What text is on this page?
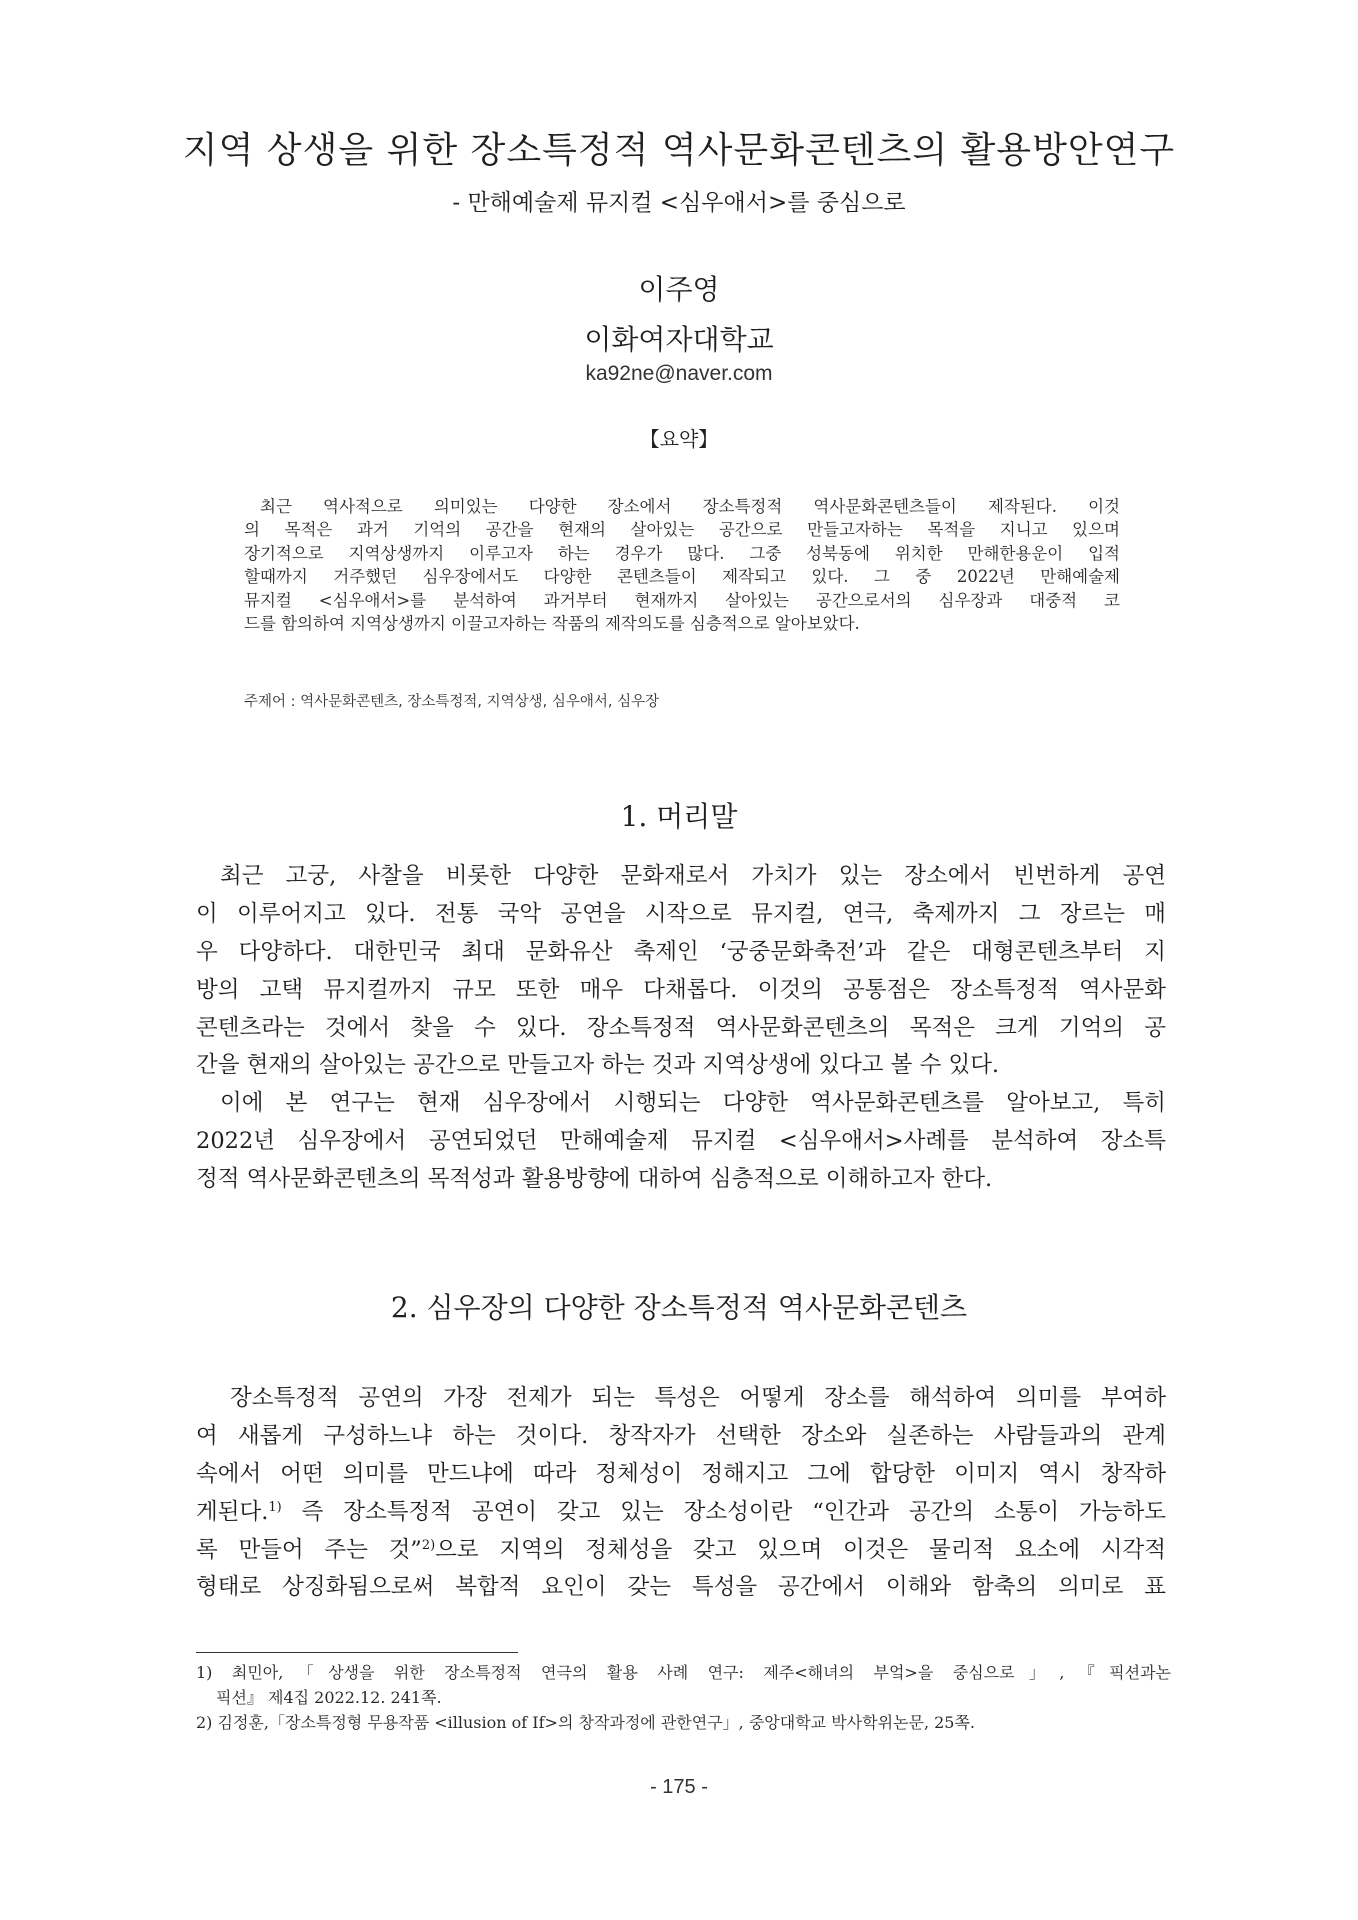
지역 상생을 위한 장소특정적 역사문화콘텐츠의 활용방안연구
- 만해예술제 뮤지컬 <심우애서>를 중심으로
이주영
이화여자대학교
ka92ne@naver.com
【요약】
최근 역사적으로 의미있는 다양한 장소에서 장소특정적 역사문화콘텐츠들이 제작된다. 이것
의 목적은 과거 기억의 공간을 현재의 살아있는 공간으로 만들고자하는 목적을 지니고 있으며
장기적으로 지역상생까지 이루고자 하는 경우가 많다. 그중 성북동에 위치한 만해한용운이 입적
할때까지 거주했던 심우장에서도 다양한 콘텐츠들이 제작되고 있다. 그 중 2022년 만해예술제
뮤지컬 <심우애서>를 분석하여 과거부터 현재까지 살아있는 공간으로서의 심우장과 대중적 코
드를 함의하여 지역상생까지 이끌고자하는 작품의 제작의도를 심층적으로 알아보았다.
주제어 : 역사문화콘텐츠, 장소특정적, 지역상생, 심우애서, 심우장
1. 머리말
최근 고궁, 사찰을 비롯한 다양한 문화재로서 가치가 있는 장소에서 빈번하게 공연
이 이루어지고 있다. 전통 국악 공연을 시작으로 뮤지컬, 연극, 축제까지 그 장르는 매
우 다양하다. 대한민국 최대 문화유산 축제인 ‘궁중문화축전’과 같은 대형콘텐츠부터 지
방의 고택 뮤지컬까지 규모 또한 매우 다채롭다. 이것의 공통점은 장소특정적 역사문화
콘텐츠라는 것에서 찾을 수 있다. 장소특정적 역사문화콘텐츠의 목적은 크게 기억의 공
간을 현재의 살아있는 공간으로 만들고자 하는 것과 지역상생에 있다고 볼 수 있다.
이에 본 연구는 현재 심우장에서 시행되는 다양한 역사문화콘텐츠를 알아보고, 특히
2022년 심우장에서 공연되었던 만해예술제 뮤지컬 <심우애서>사례를 분석하여 장소특
정적 역사문화콘텐츠의 목적성과 활용방향에 대하여 심층적으로 이해하고자 한다.
2. 심우장의 다양한 장소특정적 역사문화콘텐츠
장소특정적 공연의 가장 전제가 되는 특성은 어떻게 장소를 해석하여 의미를 부여하
여 새롭게 구성하느냐 하는 것이다. 창작자가 선택한 장소와 실존하는 사람들과의 관계
속에서 어떤 의미를 만드냐에 따라 정체성이 정해지고 그에 합당한 이미지 역시 창작하
게된다.$^{1)}$ 즉 장소특정적 공연이 갖고 있는 장소성이란 “인간과 공간의 소통이 가능하도
록 만들어 주는 것”$^{2)}$으로 지역의 정체성을 갖고 있으며 이것은 물리적 요소에 시각적
형태로 상징화됨으로써 복합적 요인이 갖는 특성을 공간에서 이해와 함축의 의미로 표
1) 최민아,「상생을 위한 장소특정적 연극의 활용 사례 연구: 제주<해녀의 부엌>을 중심으로」,『픽션과논
픽션』 제4집 2022.12. 241쪽.
2) 김정훈,「장소특정형 무용작품 <illusion of If>의 창작과정에 관한연구」, 중앙대학교 박사학위논문, 25쪽.
- 175 -
